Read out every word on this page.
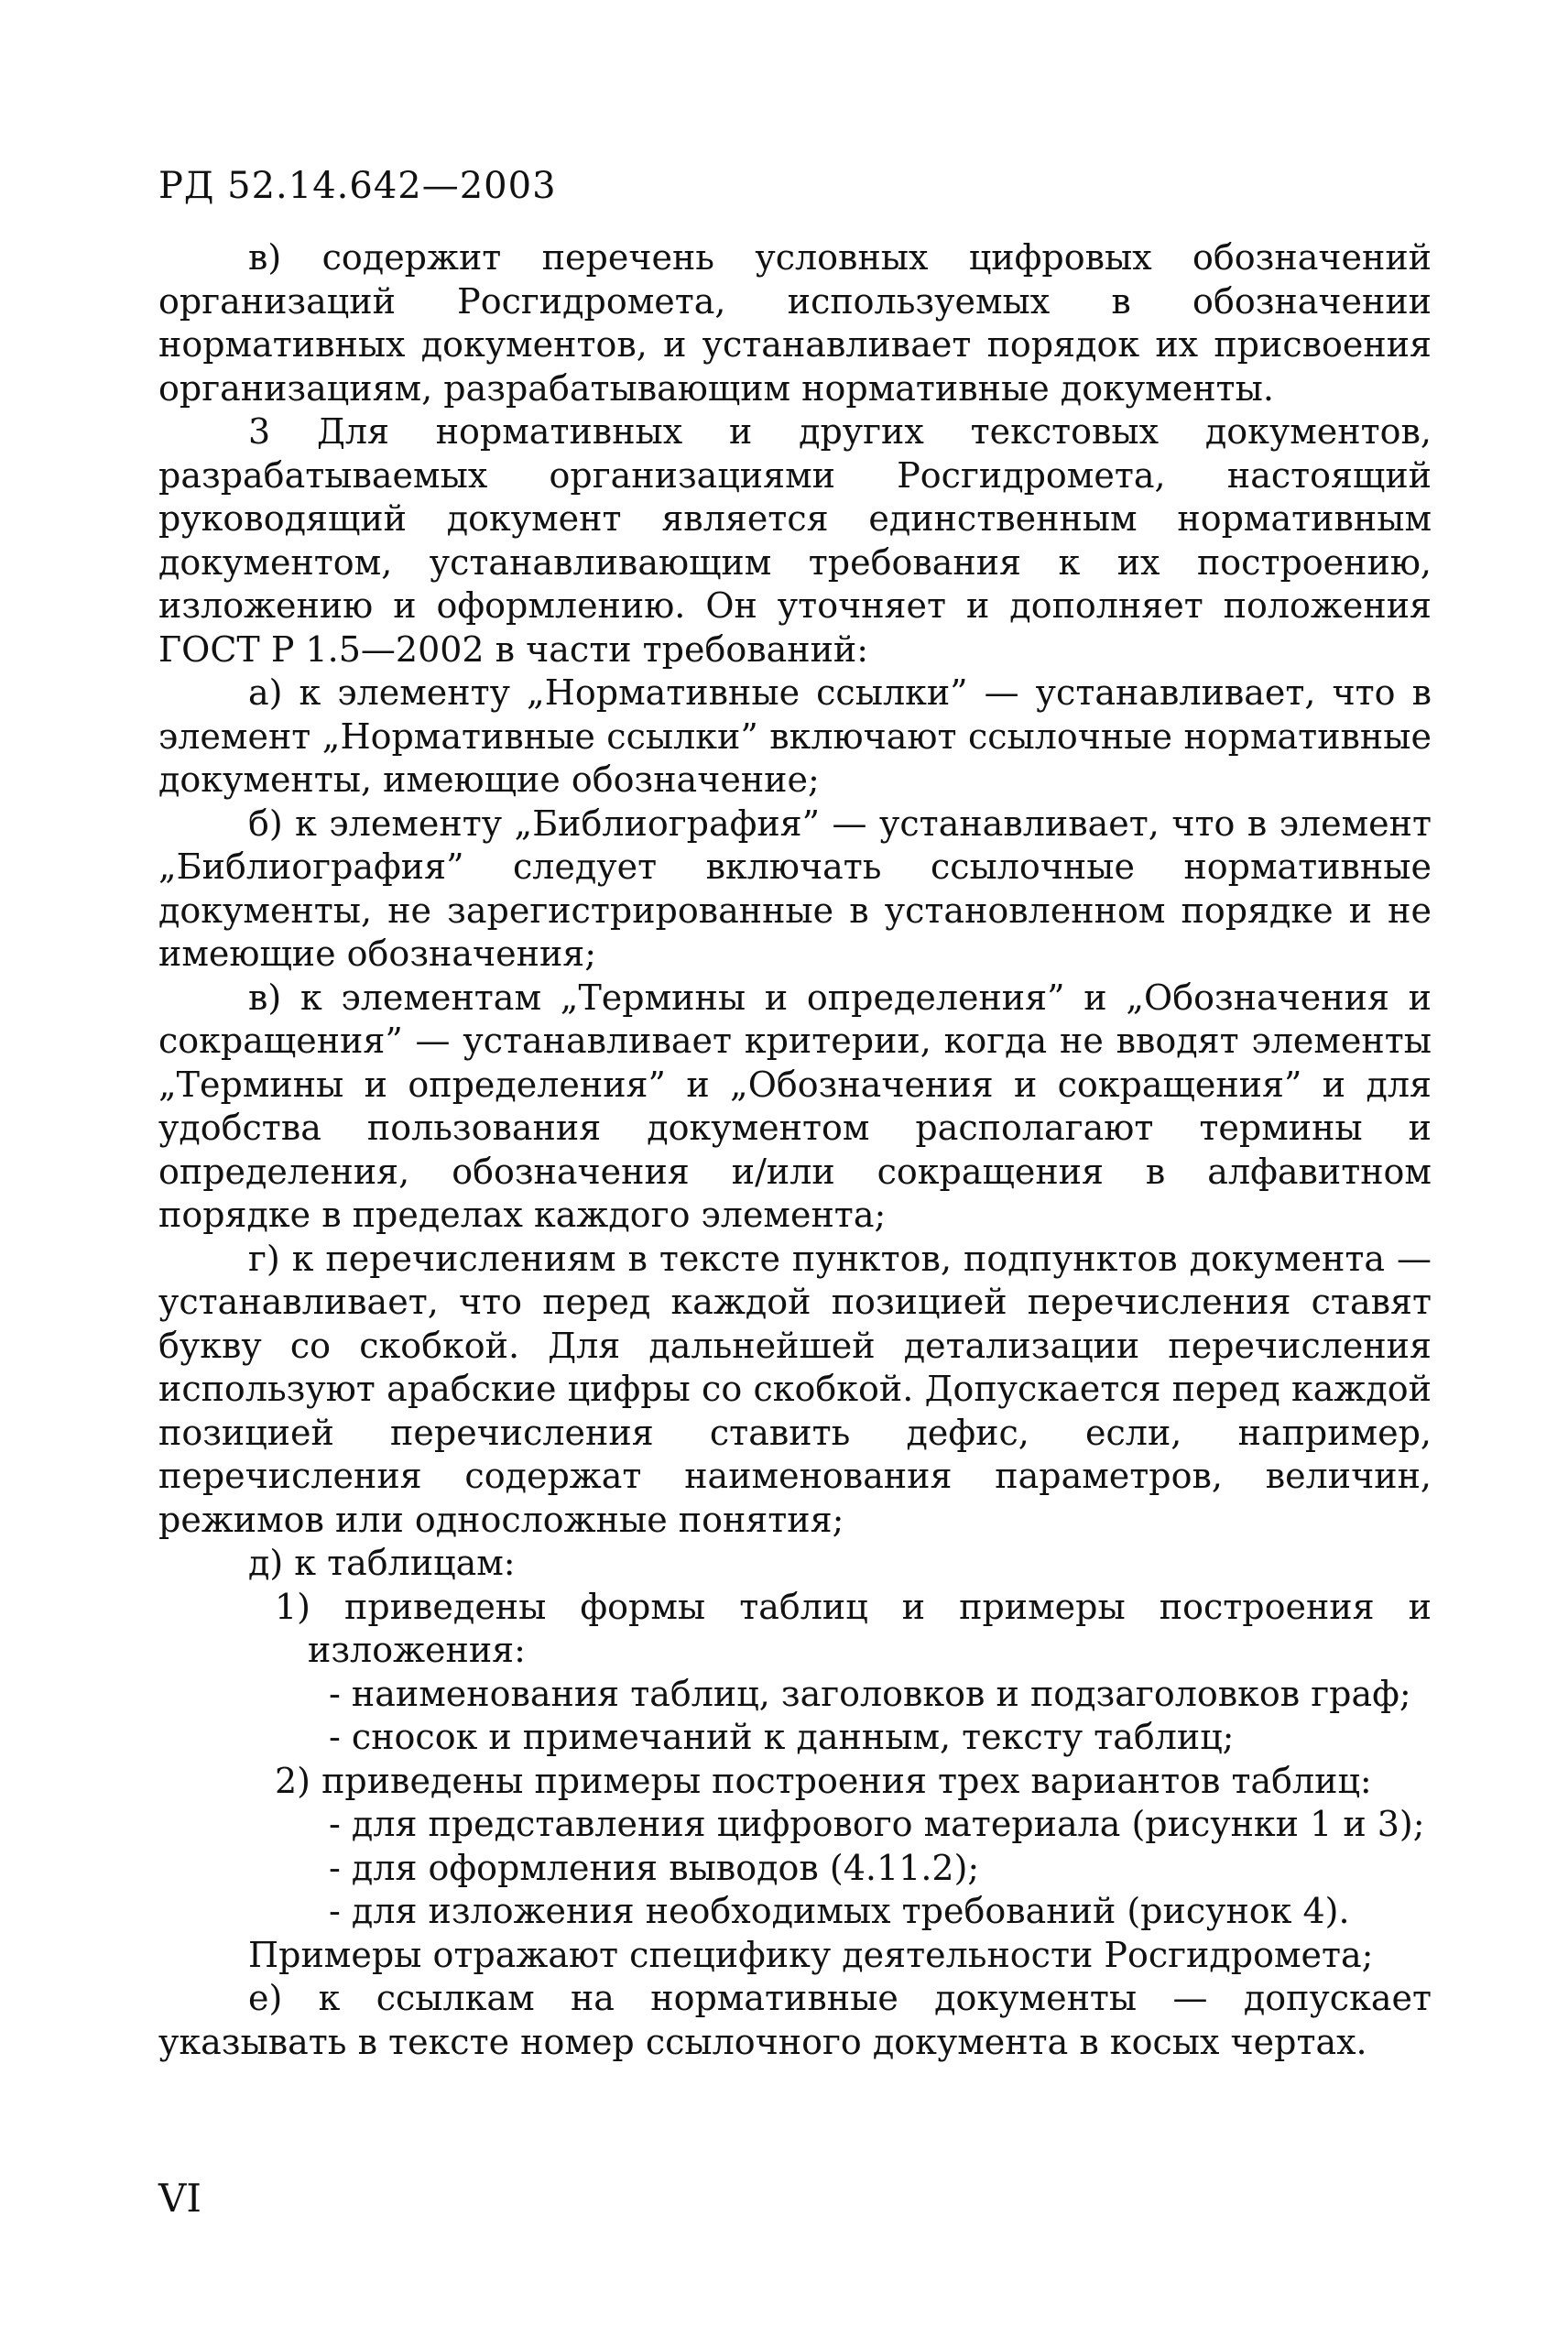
РД 52.14.642—2003

в) содержит перечень условных цифровых обозначений организаций Росгидромета, используемых в обозначении нормативных документов, и устанавливает порядок их присвоения организациям, разрабатывающим нормативные документы.

3 Для нормативных и других текстовых документов, разрабатываемых организациями Росгидромета, настоящий руководящий документ является единственным нормативным документом, устанавливающим требования к их построению, изложению и оформлению. Он уточняет и дополняет положения ГОСТ Р 1.5—2002 в части требований:

а) к элементу „Нормативные ссылки” — устанавливает, что в элемент „Нормативные ссылки” включают ссылочные нормативные документы, имеющие обозначение;

б) к элементу „Библиография” — устанавливает, что в элемент „Библиография” следует включать ссылочные нормативные документы, не зарегистрированные в установленном порядке и не имеющие обозначения;

в) к элементам „Термины и определения” и „Обозначения и сокращения” — устанавливает критерии, когда не вводят элементы „Термины и определения” и „Обозначения и сокращения” и для удобства пользования документом располагают термины и определения, обозначения и/или сокращения в алфавитном порядке в пределах каждого элемента;

г) к перечислениям в тексте пунктов, подпунктов документа — устанавливает, что перед каждой позицией перечисления ставят букву со скобкой. Для дальнейшей детализации перечисления используют арабские цифры со скобкой. Допускается перед каждой позицией перечисления ставить дефис, если, например, перечисления содержат наименования параметров, величин, режимов или односложные понятия;

д) к таблицам:

1) приведены формы таблиц и примеры построения и изложения:

- наименования таблиц, заголовков и подзаголовков граф;

- сносок и примечаний к данным, тексту таблиц;

2) приведены примеры построения трех вариантов таблиц:

- для представления цифрового материала (рисунки 1 и 3);

- для оформления выводов (4.11.2);

- для изложения необходимых требований (рисунок 4).

Примеры отражают специфику деятельности Росгидромета;

е) к ссылкам на нормативные документы — допускает указывать в тексте номер ссылочного документа в косых чертах.

VI
